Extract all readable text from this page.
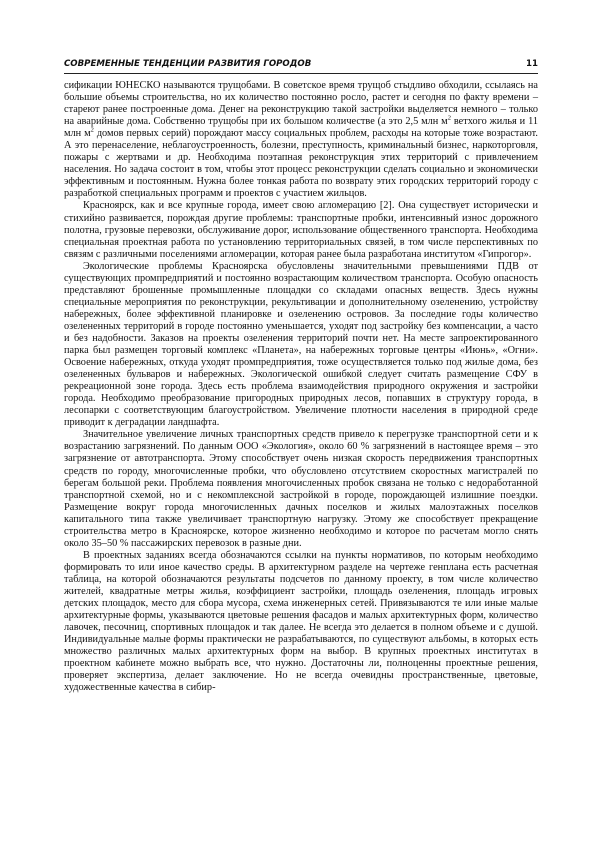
СОВРЕМЕННЫЕ ТЕНДЕНЦИИ РАЗВИТИЯ ГОРОДОВ	11

сификации ЮНЕСКО называются трущобами. В советское время трущоб стыдливо обходили, ссылаясь на большие объемы строительства, но их количество постоянно росло, растет и сегодня по факту времени – стареют ранее построенные дома. Денег на реконструкцию такой застройки выделяется немного – только на аварийные дома. Собственно трущобы при их большом количестве (а это 2,5 млн $м^2$ ветхого жилья и 11 млн $м^2$ домов первых серий) порождают массу социальных проблем, расходы на которые тоже возрастают. А это перенаселение, неблагоустроенность, болезни, преступность, криминальный бизнес, наркоторговля, пожары с жертвами и др. Необходима поэтапная реконструкция этих территорий с привлечением населения. Но задача состоит в том, чтобы этот процесс реконструкции сделать социально и экономически эффективным и постоянным. Нужна более тонкая работа по возврату этих городских территорий городу с разработкой специальных программ и проектов с участием жильцов.

Красноярск, как и все крупные города, имеет свою агломерацию [2]. Она существует исторически и стихийно развивается, порождая другие проблемы: транспортные пробки, интенсивный износ дорожного полотна, грузовые перевозки, обслуживание дорог, использование общественного транспорта. Необходима специальная проектная работа по установлению территориальных связей, в том числе перспективных по связям с различными поселениями агломерации, которая ранее была разработана институтом «Гипрогор».

Экологические проблемы Красноярска обусловлены значительными превышениями ПДВ от существующих промпредприятий и постоянно возрастающим количеством транспорта. Особую опасность представляют брошенные промышленные площадки со складами опасных веществ. Здесь нужны специальные мероприятия по реконструкции, рекультивации и дополнительному озеленению, устройству набережных, более эффективной планировке и озеленению островов. За последние годы количество озелененных территорий в городе постоянно уменьшается, уходят под застройку без компенсации, а часто и без надобности. Заказов на проекты озеленения территорий почти нет. На месте запроектированного парка был размещен торговый комплекс «Планета», на набережных торговые центры «Июнь», «Огни». Освоение набережных, откуда уходят промпредприятия, тоже осуществляется только под жилые дома, без озелененных бульваров и набережных. Экологической ошибкой следует считать размещение СФУ в рекреационной зоне города. Здесь есть проблема взаимодействия природного окружения и застройки города. Необходимо преобразование пригородных природных лесов, попавших в структуру города, в лесопарки с соответствующим благоустройством. Увеличение плотности населения в природной среде приводит к деградации ландшафта.

Значительное увеличение личных транспортных средств привело к перегрузке транспортной сети и к возрастанию загрязнений. По данным ООО «Экология», около 60 % загрязнений в настоящее время – это загрязнение от автотранспорта. Этому способствует очень низкая скорость передвижения транспортных средств по городу, многочисленные пробки, что обусловлено отсутствием скоростных магистралей по берегам большой реки. Проблема появления многочисленных пробок связана не только с недоработанной транспортной схемой, но и с некомплексной застройкой в городе, порождающей излишние поездки. Размещение вокруг города многочисленных дачных поселков и жилых малоэтажных поселков капитального типа также увеличивает транспортную нагрузку. Этому же способствует прекращение строительства метро в Красноярске, которое жизненно необходимо и которое по расчетам могло снять около 35–50 % пассажирских перевозок в разные дни.

В проектных заданиях всегда обозначаются ссылки на пункты нормативов, по которым необходимо формировать то или иное качество среды. В архитектурном разделе на чертеже генплана есть расчетная таблица, на которой обозначаются результаты подсчетов по данному проекту, в том числе количество жителей, квадратные метры жилья, коэффициент застройки, площадь озеленения, площадь игровых детских площадок, место для сбора мусора, схема инженерных сетей. Привязываются те или иные малые архитектурные формы, указываются цветовые решения фасадов и малых архитектурных форм, количество лавочек, песочниц, спортивных площадок и так далее. Не всегда это делается в полном объеме и с душой. Индивидуальные малые формы практически не разрабатываются, по существуют альбомы, в которых есть множество различных малых архитектурных форм на выбор. В крупных проектных институтах в проектном кабинете можно выбрать все, что нужно. Достаточны ли, полноценны проектные решения, проверяет экспертиза, делает заключение. Но не всегда очевидны пространственные, цветовые, художественные качества в сибир-
